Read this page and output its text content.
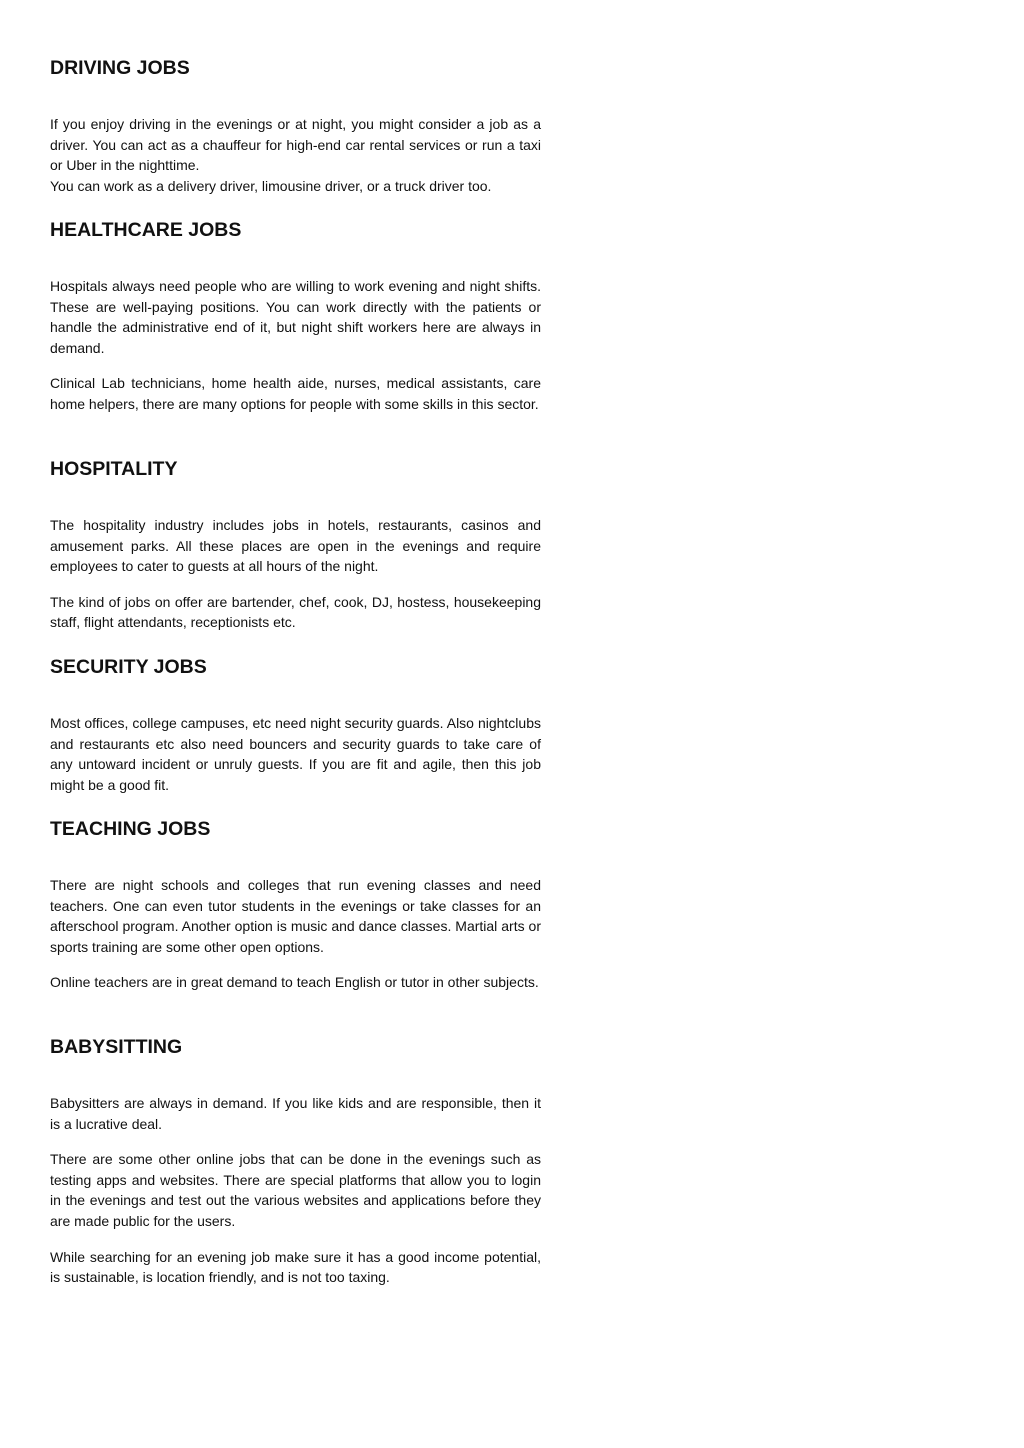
DRIVING JOBS

If you enjoy driving in the evenings or at night, you might consider a job as a driver. You can act as a chauffeur for high-end car rental services or run a taxi or Uber in the nighttime.

You can work as a delivery driver, limousine driver, or a truck driver too.

HEALTHCARE JOBS

Hospitals always need people who are willing to work evening and night shifts. These are well-paying positions. You can work directly with the patients or handle the administrative end of it, but night shift workers here are always in demand.

Clinical Lab technicians, home health aide, nurses, medical assistants, care home helpers, there are many options for people with some skills in this sector.

HOSPITALITY

The hospitality industry includes jobs in hotels, restaurants, casinos and amusement parks. All these places are open in the evenings and require employees to cater to guests at all hours of the night.

The kind of jobs on offer are bartender, chef, cook, DJ, hostess, housekeeping staff, flight attendants, receptionists etc.

SECURITY JOBS

Most offices, college campuses, etc need night security guards. Also nightclubs and restaurants etc also need bouncers and security guards to take care of any untoward incident or unruly guests. If you are fit and agile, then this job might be a good fit.

TEACHING JOBS

There are night schools and colleges that run evening classes and need teachers. One can even tutor students in the evenings or take classes for an afterschool program. Another option is music and dance classes. Martial arts or sports training are some other open options.

Online teachers are in great demand to teach English or tutor in other subjects.

BABYSITTING

Babysitters are always in demand. If you like kids and are responsible, then it is a lucrative deal.

There are some other online jobs that can be done in the evenings such as testing apps and websites. There are special platforms that allow you to login in the evenings and test out the various websites and applications before they are made public for the users.

While searching for an evening job make sure it has a good income potential, is sustainable, is location friendly, and is not too taxing.
